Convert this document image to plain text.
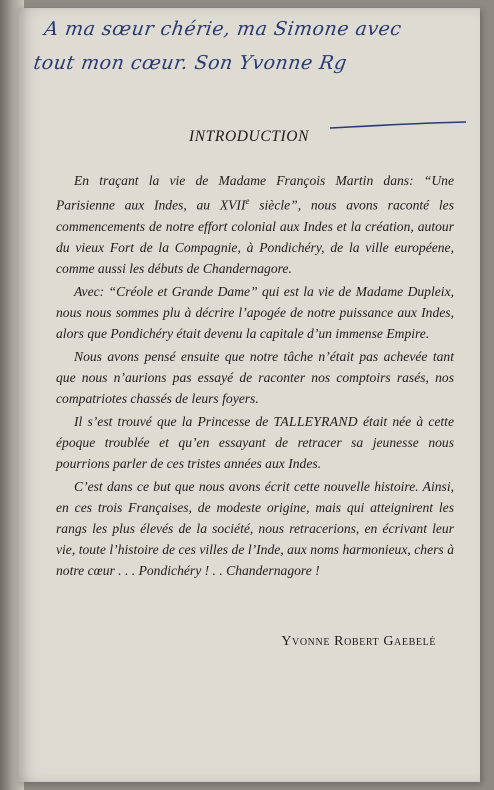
A ma sœur chérie, ma Simone avec
tout mon cœur. Son Yvonne Rg
INTRODUCTION

En traçant la vie de Madame François Martin dans: “Une Parisienne aux Indes, au XVIIe siècle”, nous avons raconté les commencements de notre effort colonial aux Indes et la création, autour du vieux Fort de la Compagnie, à Pondichéry, de la ville européene, comme aussi les débuts de Chandernagore.

Avec: “Créole et Grande Dame” qui est la vie de Madame Dupleix, nous nous sommes plu à décrire l’apogée de notre puissance aux Indes, alors que Pondichéry était devenu la capitale d’un immense Empire.

Nous avons pensé ensuite que notre tâche n’était pas achevée tant que nous n’aurions pas essayé de raconter nos comptoirs rasés, nos compatriotes chassés de leurs foyers.

Il s’est trouvé que la Princesse de TALLEYRAND était née à cette époque troublée et qu’en essayant de retracer sa jeunesse nous pourrions parler de ces tristes années aux Indes.

C’est dans ce but que nous avons écrit cette nouvelle histoire. Ainsi, en ces trois Françaises, de modeste origine, mais qui atteignirent les rangs les plus élevés de la société, nous retracerions, en écrivant leur vie, toute l’histoire de ces villes de l’Inde, aux noms harmonieux, chers à notre cœur . . . Pondichéry ! . . Chandernagore !

Yvonne Robert Gaebelé
